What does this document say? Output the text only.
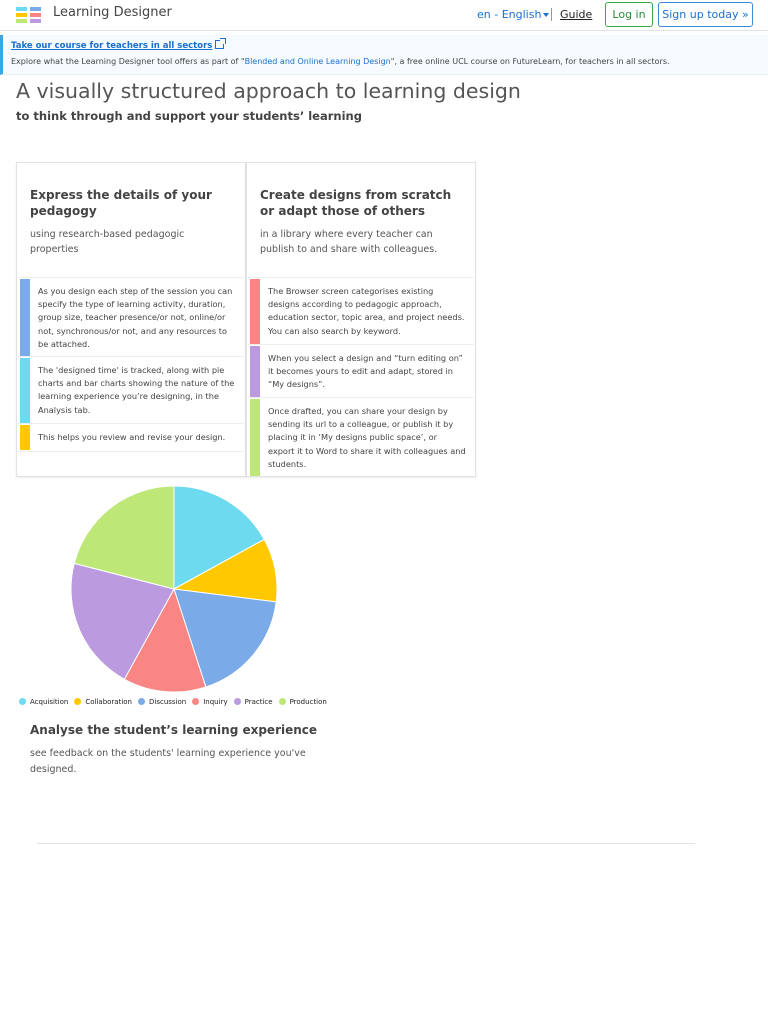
Learning Designer	en - English	Guide	Log in	Sign up today »
Take our course for teachers in all sectors
Explore what the Learning Designer tool offers as part of "Blended and Online Learning Design", a free online UCL course on FutureLearn, for teachers in all sectors.
A visually structured approach to learning design
to think through and support your students’ learning
Express the details of your pedagogy
using research-based pedagogic properties
As you design each step of the session you can specify the type of learning activity, duration, group size, teacher presence/or not, online/or not, synchronous/or not, and any resources to be attached.
The 'designed time' is tracked, along with pie charts and bar charts showing the nature of the learning experience you’re designing, in the Analysis tab.
This helps you review and revise your design.
Create designs from scratch or adapt those of others
in a library where every teacher can publish to and share with colleagues.
The Browser screen categorises existing designs according to pedagogic approach, education sector, topic area, and project needs. You can also search by keyword.
When you select a design and “turn editing on” it becomes yours to edit and adapt, stored in “My designs”.
Once drafted, you can share your design by sending its url to a colleague, or publish it by placing it in ‘My designs public space’, or export it to Word to share it with colleagues and students.
Acquisition Collaboration Discussion Inquiry Practice Production
Analyse the student’s learning experience
see feedback on the students' learning experience you've designed.
